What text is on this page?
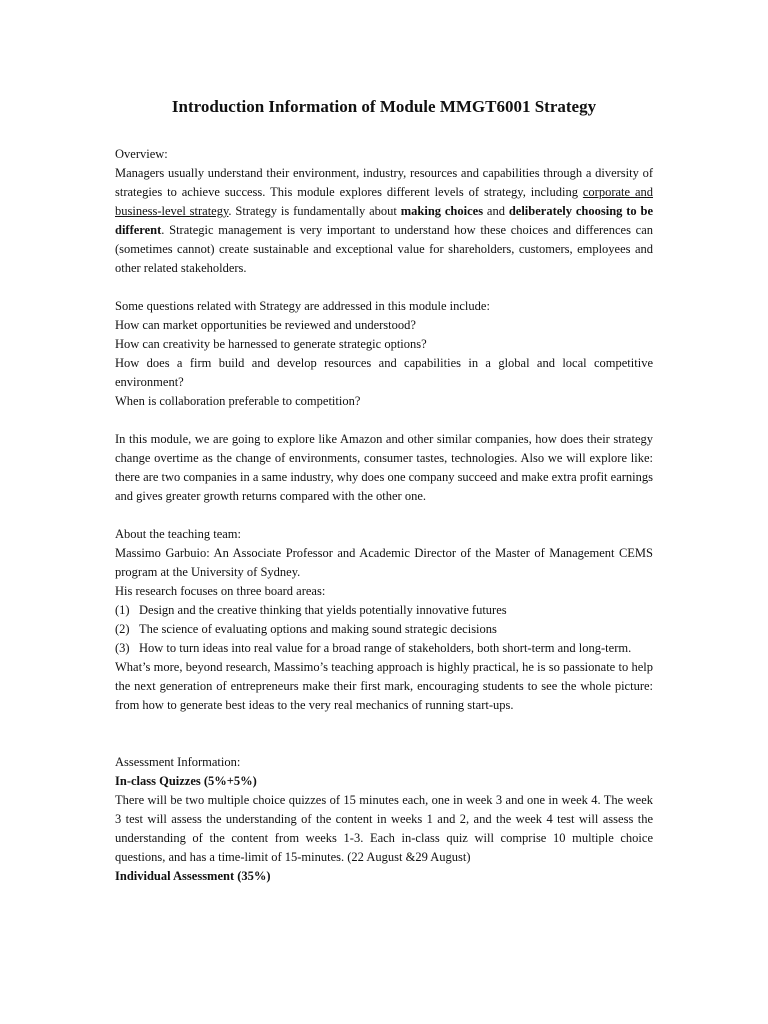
Introduction Information of Module MMGT6001 Strategy

Overview:

Managers usually understand their environment, industry, resources and capabilities through a diversity of strategies to achieve success. This module explores different levels of strategy, including corporate and business-level strategy. Strategy is fundamentally about making choices and deliberately choosing to be different. Strategic management is very important to understand how these choices and differences can (sometimes cannot) create sustainable and exceptional value for shareholders, customers, employees and other related stakeholders.

Some questions related with Strategy are addressed in this module include:

How can market opportunities be reviewed and understood?

How can creativity be harnessed to generate strategic options?

How does a firm build and develop resources and capabilities in a global and local competitive environment?

When is collaboration preferable to competition?

In this module, we are going to explore like Amazon and other similar companies, how does their strategy change overtime as the change of environments, consumer tastes, technologies. Also we will explore like: there are two companies in a same industry, why does one company succeed and make extra profit earnings and gives greater growth returns compared with the other one.

About the teaching team:

Massimo Garbuio: An Associate Professor and Academic Director of the Master of Management CEMS program at the University of Sydney.

His research focuses on three board areas:

(1) Design and the creative thinking that yields potentially innovative futures
(2) The science of evaluating options and making sound strategic decisions
(3) How to turn ideas into real value for a broad range of stakeholders, both short-term and long-term.

What’s more, beyond research, Massimo’s teaching approach is highly practical, he is so passionate to help the next generation of entrepreneurs make their first mark, encouraging students to see the whole picture: from how to generate best ideas to the very real mechanics of running start-ups.

Assessment Information:

In-class Quizzes (5%+5%)

There will be two multiple choice quizzes of 15 minutes each, one in week 3 and one in week 4. The week 3 test will assess the understanding of the content in weeks 1 and 2, and the week 4 test will assess the understanding of the content from weeks 1-3. Each in-class quiz will comprise 10 multiple choice questions, and has a time-limit of 15-minutes. (22 August &29 August)

Individual Assessment (35%)
